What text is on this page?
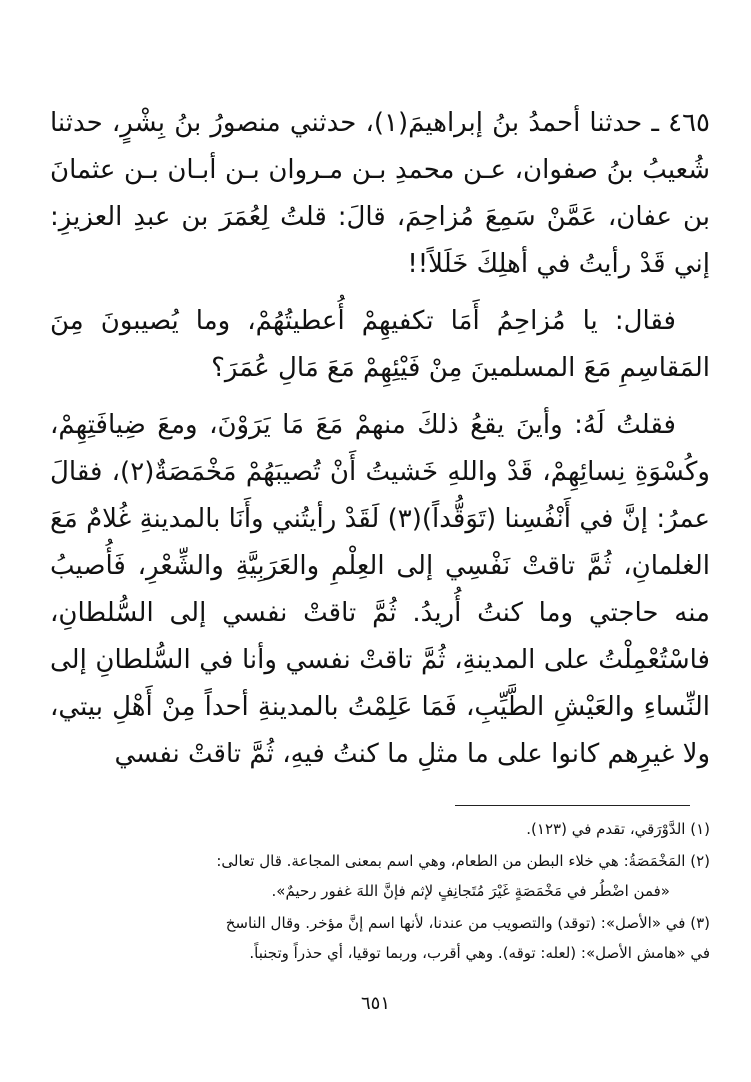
٤٦٥ ـ حدثنا أحمدُ بنُ إبراهيمَ(١)، حدثني منصورُ بنُ بِشْرٍ، حدثنا شُعيبُ بنُ صفوان، عـن محمدِ بـن مـروان بـن أبـان بـن عثمانَ بن عفان، عَمَّنْ سَمِعَ مُزاحِمَ، قالَ: قلتُ لِعُمَرَ بن عبدِ العزيزِ: إني قَدْ رأيتُ في أهلِكَ خَلَلاً!!

فقال: يا مُزاحِمُ أَمَا تكفيهِمْ أُعطيتُهُمْ، وما يُصيبونَ مِنَ المَقاسِمِ مَعَ المسلمينَ مِنْ فَيْئِهِمْ مَعَ مَالِ عُمَرَ؟

فقلتُ لَهُ: وأينَ يقعُ ذلكَ منهمْ مَعَ مَا يَرَوْنَ، ومعَ ضِيافَتِهِمْ، وكُسْوَةِ نِسائِهِمْ، قَدْ واللهِ خَشيتُ أَنْ تُصيبَهُمْ مَخْمَصَةٌ(٢)، فقالَ عمرُ: إنَّ في أَنْفُسِنا (تَوَقُّداً)(٣) لَقَدْ رأيتُني وأَنَا بالمدينةِ غُلامٌ مَعَ الغلمانِ، ثُمَّ تاقتْ نَفْسِي إلى العِلْمِ والعَرَبِيَّةِ والشِّعْرِ، فَأُصيبُ منه حاجتي وما كنتُ أُريدُ. ثُمَّ تاقتْ نفسي إلى السُّلطانِ، فاسْتُعْمِلْتُ على المدينةِ، ثُمَّ تاقتْ نفسي وأنا في السُّلطانِ إلى النِّساءِ والعَيْشِ الطَّيِّبِ، فَمَا عَلِمْتُ بالمدينةِ أحداً مِنْ أَهْلِ بيتي، ولا غيرِهم كانوا على ما مثلِ ما كنتُ فيهِ، ثُمَّ تاقتْ نفسي

(١) الدَّوْرَقي، تقدم في (١٢٣).
(٢) المَخْمَصَةُ: هي خلاء البطن من الطعام، وهي اسم بمعنى المجاعة. قال تعالى:
«فمن اضْطُر في مَخْمَصَةٍ غَيْرَ مُتَجانِفٍ لإثم فإنَّ اللهَ غفور رحيمٌ».
(٣) في «الأصل»: (توقد) والتصويب من عندنا، لأنها اسم إنَّ مؤخر. وقال الناسخ
في «هامش الأصل»: (لعله: توقه). وهي أقرب، وربما توقيا، أي حذراً وتجنباً.
٦٥١
